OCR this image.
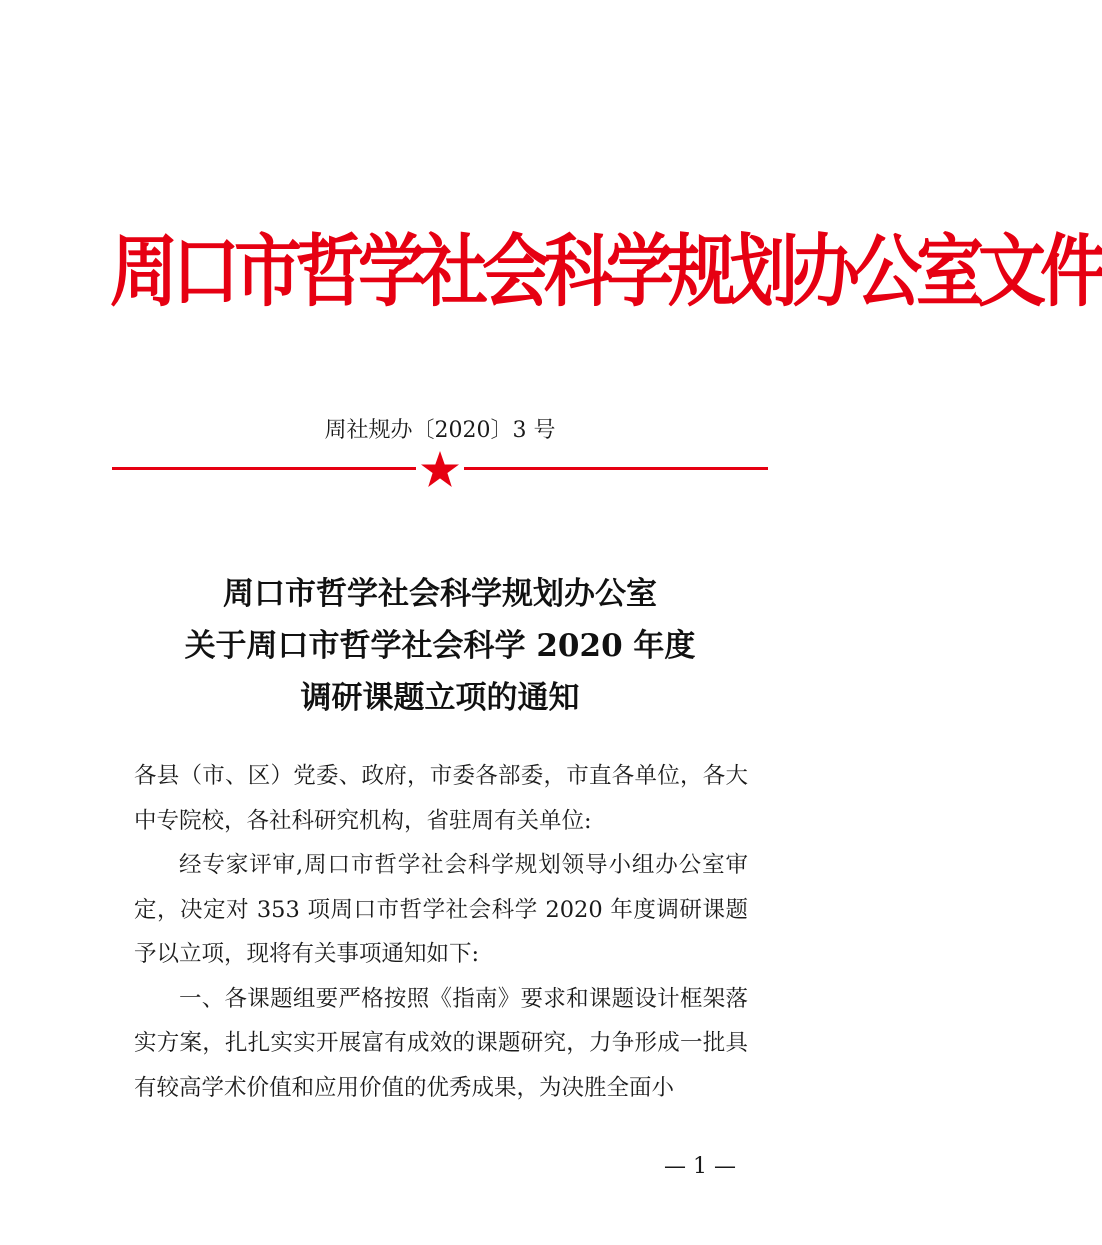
周口市哲学社会科学规划办公室文件
周社规办〔2020〕3 号
周口市哲学社会科学规划办公室
关于周口市哲学社会科学 2020 年度
调研课题立项的通知

各县（市、区）党委、政府，市委各部委，市直各单位，各大中专院校，各社科研究机构，省驻周有关单位:

经专家评审,周口市哲学社会科学规划领导小组办公室审定，决定对 353 项周口市哲学社会科学 2020 年度调研课题予以立项，现将有关事项通知如下:

一、各课题组要严格按照《指南》要求和课题设计框架落实方案，扎扎实实开展富有成效的课题研究，力争形成一批具有较高学术价值和应用价值的优秀成果，为决胜全面小

— 1 —
